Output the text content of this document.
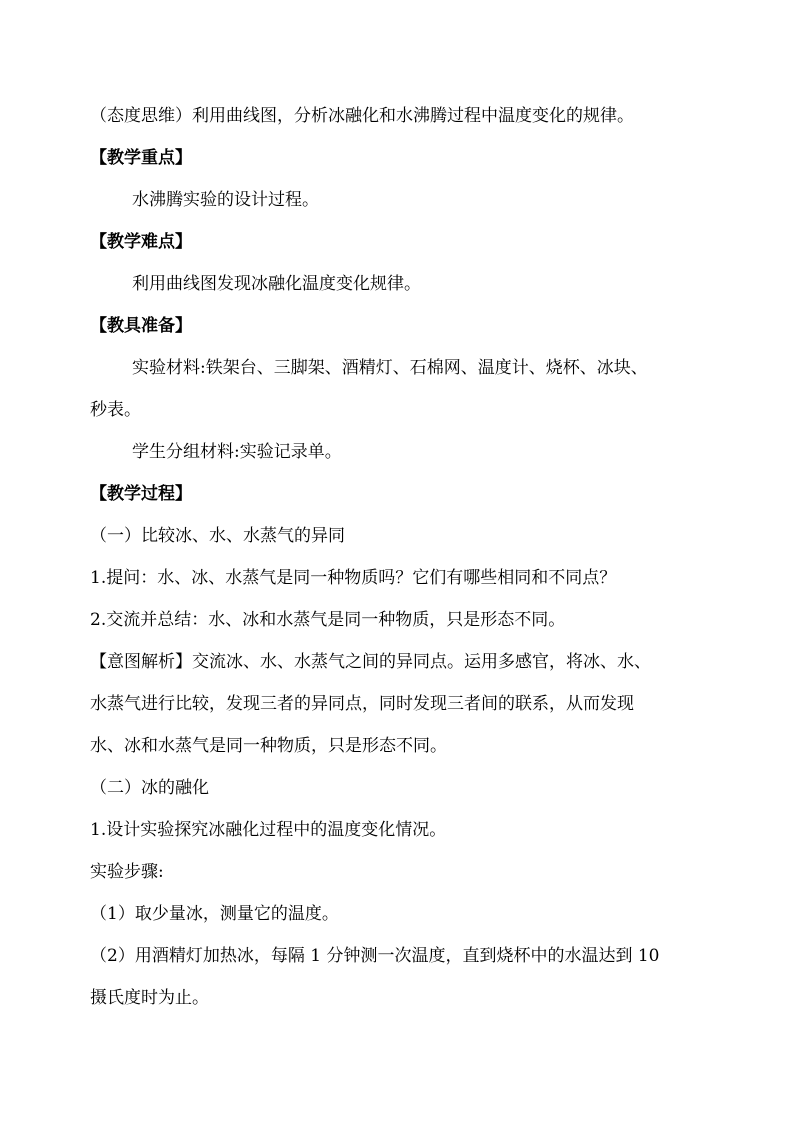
（态度思维）利用曲线图，分析冰融化和水沸腾过程中温度变化的规律。
【教学重点】
水沸腾实验的设计过程。
【教学难点】
利用曲线图发现冰融化温度变化规律。
【教具准备】
实验材料:铁架台、三脚架、酒精灯、石棉网、温度计、烧杯、冰块、
秒表。
学生分组材料:实验记录单。
【教学过程】
（一）比较冰、水、水蒸气的异同
1.提问：水、冰、水蒸气是同一种物质吗？它们有哪些相同和不同点？
2.交流并总结：水、冰和水蒸气是同一种物质，只是形态不同。
【意图解析】交流冰、水、水蒸气之间的异同点。运用多感官，将冰、水、
水蒸气进行比较，发现三者的异同点，同时发现三者间的联系，从而发现
水、冰和水蒸气是同一种物质，只是形态不同。
（二）冰的融化
1.设计实验探究冰融化过程中的温度变化情况。
实验步骤:
（1）取少量冰，测量它的温度。
（2）用酒精灯加热冰，每隔 1 分钟测一次温度，直到烧杯中的水温达到 10
摄氏度时为止。
